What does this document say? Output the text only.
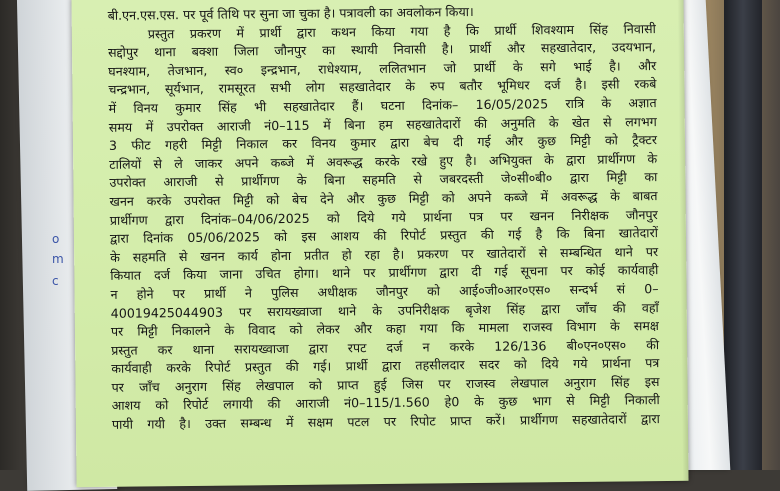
o
m
c
बी.एन.एस.एस. पर पूर्व तिथि पर सुना जा चुका है। पत्रावली का अवलोकन किया।
प्रस्तुत प्रकरण में प्रार्थी द्वारा कथन किया गया है कि प्रार्थी शिवश्याम सिंह निवासी
सद्दोपुर थाना बक्शा जिला जौनपुर का स्थायी निवासी है। प्रार्थी और सहखातेदार, उदयभान,
घनश्याम, तेजभान, स्व० इन्द्रभान, राधेश्याम, ललितभान जो प्रार्थी के सगे भाई है। और
चन्द्रभान, सूर्यभान, रामसूरत सभी लोग सहखातेदार के रुप बतौर भूमिधर दर्ज है। इसी रकबे
में विनय कुमार सिंह भी सहखातेदार हैं। घटना दिनांक– 16/05/2025 रात्रि के अज्ञात
समय में उपरोक्त आराजी नं0–115 में बिना हम सहखातेदारों की अनुमति के खेत से लगभग
3 फीट गहरी मिट्टी निकाल कर विनय कुमार द्वारा बेच दी गई और कुछ मिट्टी को ट्रैक्टर
टालियों से ले जाकर अपने कब्जे में अवरूद्ध करके रखे हुए है। अभियुक्त के द्वारा प्रार्थीगण के
उपरोक्त आराजी से प्रार्थीगण के बिना सहमति से जबरदस्ती जे०सी०बी० द्वारा मिट्टी का
खनन करके उपरोक्त मिट्टी को बेच देने और कुछ मिट्टी को अपने कब्जे में अवरूद्ध के बाबत
प्रार्थीगण द्वारा दिनांक–04/06/2025 को दिये गये प्रार्थना पत्र पर खनन निरीक्षक जौनपुर
द्वारा दिनांक 05/06/2025 को इस आशय की रिपोर्ट प्रस्तुत की गई है कि बिना खातेदारों
के सहमति से खनन कार्य होना प्रतीत हो रहा है। प्रकरण पर खातेदारों से सम्बन्धित थाने पर
कियात दर्ज किया जाना उचित होगा। थाने पर प्रार्थीगण द्वारा दी गई सूचना पर कोई कार्यवाही
न होने पर प्रार्थी ने पुलिस अधीक्षक जौनपुर को आई०जी०आर०एस० सन्दर्भ सं 0–
40019425044903 पर सरायख्वाजा थाने के उपनिरीक्षक बृजेश सिंह द्वारा जाँच की वहाँ
पर मिट्टी निकालने के विवाद को लेकर और कहा गया कि मामला राजस्व विभाग के समक्ष
प्रस्तुत कर थाना सरायख्वाजा द्वारा रपट दर्ज न करके 126/136 बी०एन०एस० की
कार्यवाही करके रिपोर्ट प्रस्तुत की गई। प्रार्थी द्वारा तहसीलदार सदर को दिये गये प्रार्थना पत्र
पर जाँच अनुराग सिंह लेखपाल को प्राप्त हुई जिस पर राजस्व लेखपाल अनुराग सिंह इस
आशय को रिपोर्ट लगायी की आराजी नं0–115/1.560 हे0 के कुछ भाग से मिट्टी निकाली
पायी गयी है। उक्त सम्बन्ध में सक्षम पटल पर रिपोट प्राप्त करें। प्रार्थीगण सहखातेदारों द्वारा
